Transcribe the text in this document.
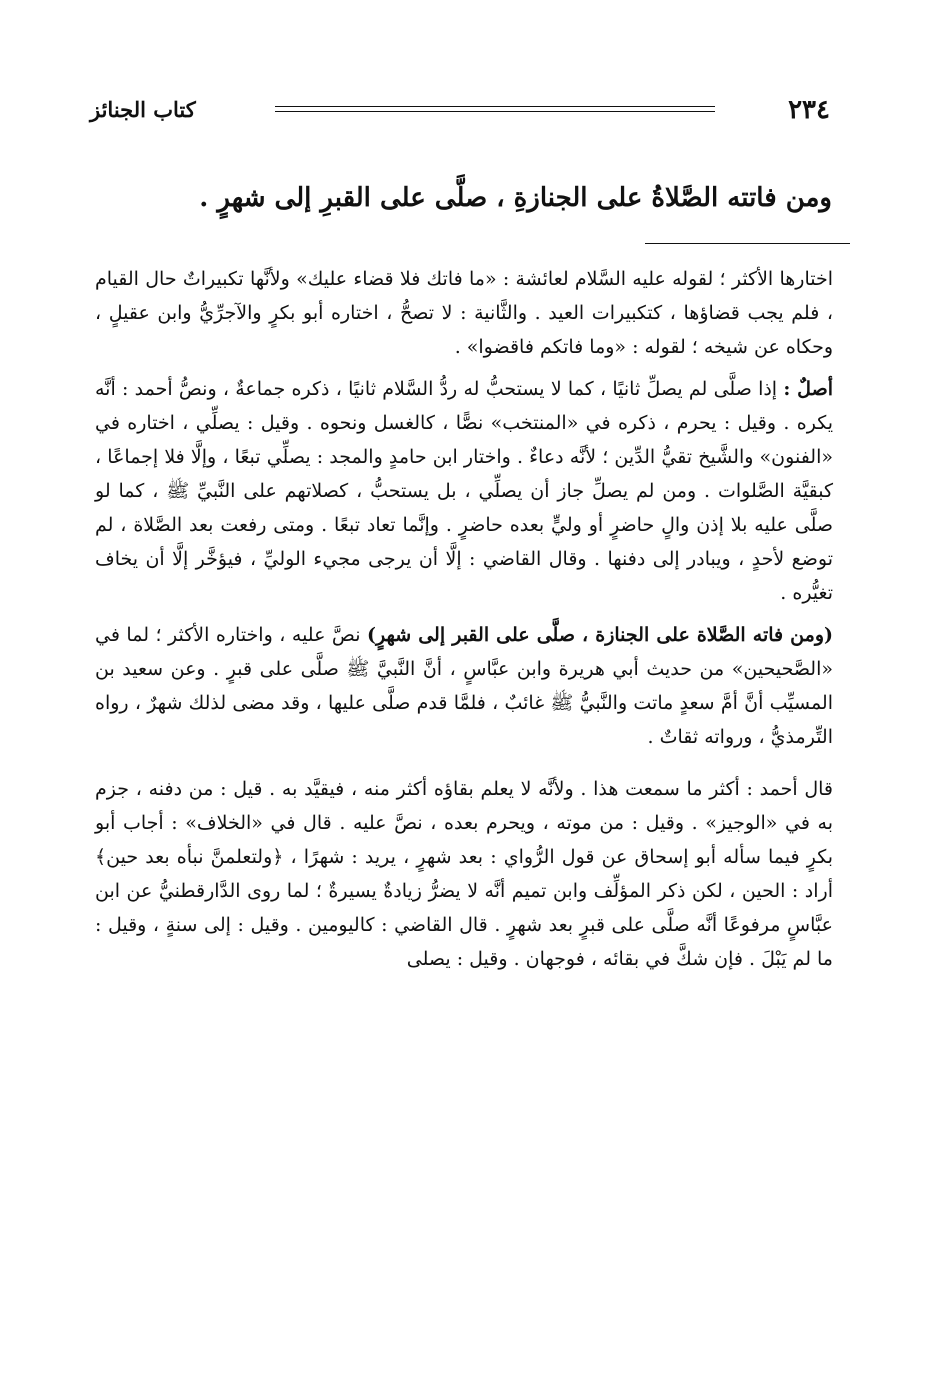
٢٣٤
كتاب الجنائز
ومن فاتته الصَّلاةُ على الجنازةِ ، صلَّى على القبرِ إلى شهرٍ .

اختارها الأكثر ؛ لقوله عليه السَّلام لعائشة : «ما فاتك فلا قضاء عليك» ولأنَّها تكبيراتٌ حال القيام ، فلم يجب قضاؤها ، كتكبيرات العيد . والثَّانية : لا تصحُّ ، اختاره أبو بكرٍ والآجرِّيُّ وابن عقيلٍ ، وحكاه عن شيخه ؛ لقوله : «وما فاتكم فاقضوا» .

أصلٌ : إذا صلَّى لم يصلِّ ثانيًا ، كما لا يستحبُّ له ردُّ السَّلام ثانيًا ، ذكره جماعةٌ ، ونصُّ أحمد : أنَّه يكره . وقيل : يحرم ، ذكره في «المنتخب» نصًّا ، كالغسل ونحوه . وقيل : يصلِّي ، اختاره في «الفنون» والشَّيخ تقيُّ الدِّين ؛ لأنَّه دعاءٌ . واختار ابن حامدٍ والمجد : يصلِّي تبعًا ، وإلَّا فلا إجماعًا ، كبقيَّة الصَّلوات . ومن لم يصلِّ جاز أن يصلِّي ، بل يستحبُّ ، كصلاتهم على النَّبيِّ ﷺ ، كما لو صلَّى عليه بلا إذن والٍ حاضرٍ أو وليٍّ بعده حاضرٍ . وإنَّما تعاد تبعًا . ومتى رفعت بعد الصَّلاة ، لم توضع لأحدٍ ، ويبادر إلى دفنها . وقال القاضي : إلَّا أن يرجى مجيء الوليِّ ، فيؤخَّر إلَّا أن يخاف تغيُّره .

(ومن فاته الصَّلاة على الجنازة ، صلَّى على القبر إلى شهرٍ) نصَّ عليه ، واختاره الأكثر ؛ لما في «الصَّحيحين» من حديث أبي هريرة وابن عبَّاسٍ ، أنَّ النَّبيَّ ﷺ صلَّى على قبرٍ . وعن سعيد بن المسيِّب أنَّ أمَّ سعدٍ ماتت والنَّبيُّ ﷺ غائبٌ ، فلمَّا قدم صلَّى عليها ، وقد مضى لذلك شهرٌ ، رواه التِّرمذيُّ ، ورواته ثقاتٌ .

قال أحمد : أكثر ما سمعت هذا . ولأنَّه لا يعلم بقاؤه أكثر منه ، فيقيَّد به . قيل : من دفنه ، جزم به في «الوجيز» . وقيل : من موته ، ويحرم بعده ، نصَّ عليه . قال في «الخلاف» : أجاب أبو بكرٍ فيما سأله أبو إسحاق عن قول الرُّواي : بعد شهرٍ ، يريد : شهرًا ، ﴿ولتعلمنَّ نبأه بعد حين﴾ أراد : الحين ، لكن ذكر المؤلِّف وابن تميم أنَّه لا يضرُّ زيادةٌ يسيرةٌ ؛ لما روى الدَّارقطنيُّ عن ابن عبَّاسٍ مرفوعًا أنَّه صلَّى على قبرٍ بعد شهرٍ . قال القاضي : كاليومين . وقيل : إلى سنةٍ ، وقيل : ما لم يَبْلَ . فإن شكَّ في بقائه ، فوجهان . وقيل : يصلى
